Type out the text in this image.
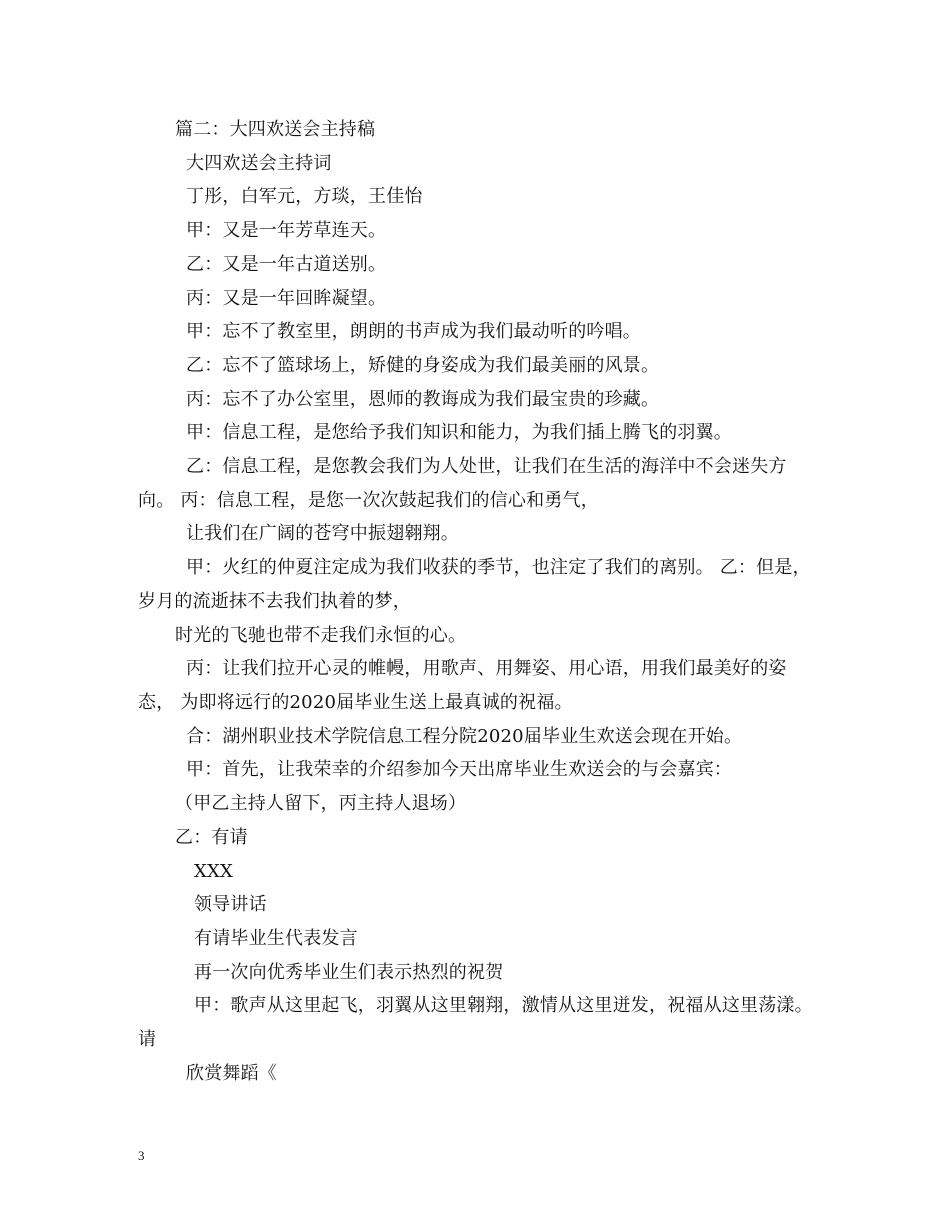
篇二：大四欢送会主持稿
大四欢送会主持词
丁彤，白军元，方琰，王佳怡
甲：又是一年芳草连天。
乙：又是一年古道送别。
丙：又是一年回眸凝望。
甲：忘不了教室里，朗朗的书声成为我们最动听的吟唱。
乙：忘不了篮球场上，矫健的身姿成为我们最美丽的风景。
丙：忘不了办公室里，恩师的教诲成为我们最宝贵的珍藏。
甲：信息工程，是您给予我们知识和能力，为我们插上腾飞的羽翼。
乙：信息工程，是您教会我们为人处世，让我们在生活的海洋中不会迷失方
向。 丙：信息工程，是您一次次鼓起我们的信心和勇气，
让我们在广阔的苍穹中振翅翱翔。
甲：火红的仲夏注定成为我们收获的季节，也注定了我们的离别。 乙：但是，
岁月的流逝抹不去我们执着的梦，
时光的飞驰也带不走我们永恒的心。
丙：让我们拉开心灵的帷幔，用歌声、用舞姿、用心语，用我们最美好的姿
态， 为即将远行的2020届毕业生送上最真诚的祝福。
合：湖州职业技术学院信息工程分院2020届毕业生欢送会现在开始。
甲：首先，让我荣幸的介绍参加今天出席毕业生欢送会的与会嘉宾：
（甲乙主持人留下，丙主持人退场）
乙：有请
XXX
领导讲话
有请毕业生代表发言
再一次向优秀毕业生们表示热烈的祝贺
甲：歌声从这里起飞，羽翼从这里翱翔，激情从这里迸发，祝福从这里荡漾。
请
欣赏舞蹈《
3
